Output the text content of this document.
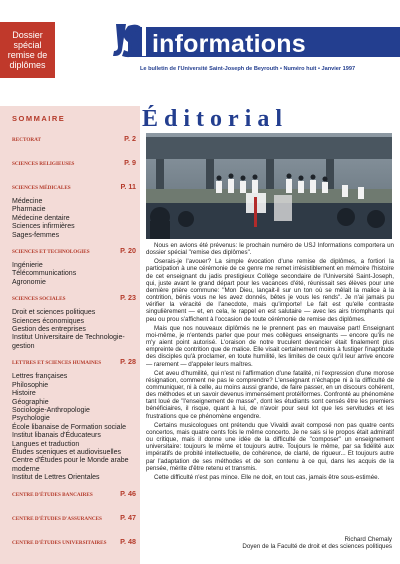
Dossier spécial
remise de
diplômes
informations
Le bulletin de l'Université Saint-Joseph de Beyrouth • Numéro huit • Janvier 1997
SOMMAIRE
RECTORAT	P. 2
SCIENCES RELIGIEUSES	P. 9
SCIENCES MÉDICALES	P. 11
Médecine
Pharmacie
Médecine dentaire
Sciences infirmières
Sages-femmes
SCIENCES ET TECHNOLOGIES	P. 20
Ingénierie
Télécommunications
Agronomie
SCIENCES SOCIALES	P. 23
Droit et sciences politiques
Sciences économiques
Gestion des entreprises
Institut Universitaire de Technologie-gestion
LETTRES ET SCIENCES HUMAINES	P. 28
Lettres françaises
Philosophie
Histoire
Géographie
Sociologie-Anthropologie
Psychologie
École libanaise de Formation sociale
Institut libanais d'Éducateurs
Langues et traduction
Études sceniques et audiovisuelles
Centre d'Études pour le Monde arabe moderne
Institut de Lettres Orientales
CENTRE D'ÉTUDES BANCAIRES	P. 46
CENTRE D'ÉTUDES D'ASSURANCES	P. 47
CENTRE D'ÉTUDES UNIVERSITAIRES P. 48
Éditorial

Nous en avions été prévenus: le prochain numéro de USJ Informations comportera un dossier spécial "remise des diplômes".

Oserais-je l'avouer? La simple évocation d'une remise de diplômes, a fortiori la participation à une cérémonie de ce genre me remet irrésistiblement en mémoire l'histoire de cet enseignant du jadis prestigieux Collège secondaire de l'Université Saint-Joseph, qui, juste avant le grand départ pour les vacances d'été, réunissait ses élèves pour une dernière prière commune: "Mon Dieu, lançait-il sur un ton où se mêlait la malice à la contrition, bénis vous ne les avez donnés, bêtes je vous les rends". Je n'ai jamais pu vérifier la véracité de l'anecdote, mais qu'importe! Le fait est qu'elle contraste singulièrement — et, en cela, le rappel en est salutaire — avec les airs triomphants qui peu ou prou s'affichent à l'occasion de toute cérémonie de remise des diplômes.

Mais que nos nouveaux diplômés ne le prennent pas en mauvaise part! Enseignant moi-même, je n'entends parler que pour mes collègues enseignants — encore qu'ils ne m'y aient point autorisé. L'oraison de notre truculent devancier était finalement plus empreinte de contrition que de malice. Elle visait certainement moins à fustiger l'inaptitude des disciples qu'à proclamer, en toute humilité, les limites de ceux qu'il leur arrive encore — rarement — d'appeler leurs maîtres.

Cet aveu d'humilité, qui n'est ni l'affirmation d'une fatalité, ni l'expression d'une morose résignation, comment ne pas le comprendre? L'enseignant n'échappe ni à la difficulté de communiquer, ni à celle, au moins aussi grande, de faire passer, en un discours cohérent, des méthodes et un savoir devenus immensément protéiformes. Confronté au phénomène tant loué de "l'enseignement de masse", dont les étudiants sont censés être les premiers bénéficiaires, il risque, quant à lui, de n'avoir pour seul lot que les servitudes et les frustrations que ce phénomène engendre.

Certains musicologues ont prétendu que Vivaldi avait composé non pas quatre cents concertos, mais quatre cents fois le même concerto. Je ne sais si le propos était admiratif ou critique, mais il donne une idée de la difficulté de "composer" un enseignement universitaire: toujours le même et toujours autre. Toujours le même, par sa fidélité aux impératifs de probité intellectuelle, de cohérence, de clarté, de rigueur... Et toujours autre par l'adaptation de ses méthodes et de son contenu à ce qui, dans les acquis de la pensée, mérite d'être retenu et transmis.

Cette difficulté n'est pas mince. Elle ne doit, en tout cas, jamais être sous-estimée.

Richard Chemaly
Doyen de la Faculté de droit et des sciences politiques
